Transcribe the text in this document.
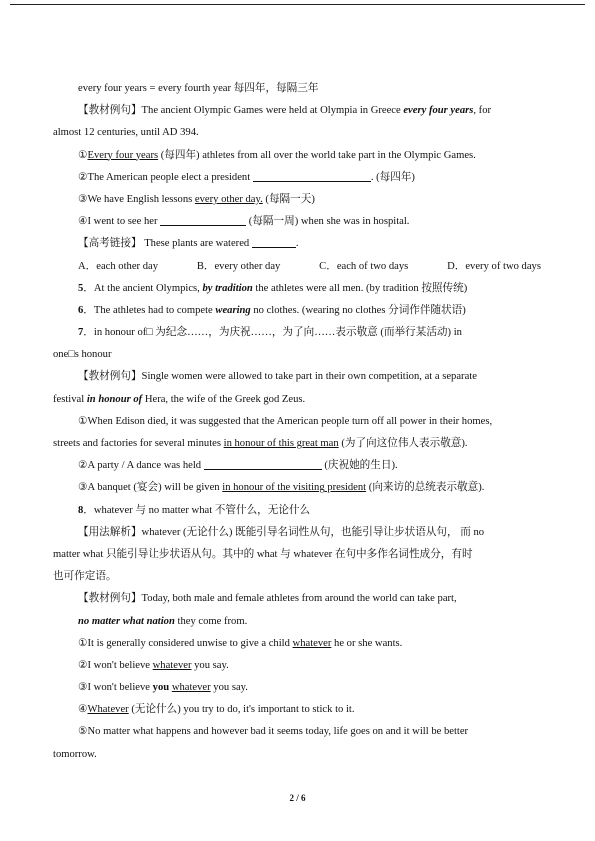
every four years = every fourth year 每四年，每隔三年
【教材例句】The ancient Olympic Games were held at Olympia in Greece every four years, for
almost 12 centuries, until AD 394.
①Every four years (每四年) athletes from all over the world take part in the Olympic Games.
②The American people elect a president	. (每四年)
③We have English lessons every other day. (每隔一天)
④I went to see her	(每隔一周) when she was in hospital.
【高考链接】 These plants are watered	.
A．each other day	B．every other day	C．each of two days	D．every of two days
5．At the ancient Olympics, by tradition the athletes were all men. (by tradition 按照传统)
6．The athletes had to compete wearing no clothes. (wearing no clothes 分词作伴随状语)
7．in honour of□ 为纪念……，为庆祝……，为了向……表示敬意 (而举行某活动) in
one□s honour
【教材例句】Single women were allowed to take part in their own competition, at a separate
festival in honour of Hera, the wife of the Greek god Zeus.
①When Edison died, it was suggested that the American people turn off all power in their homes,
streets and factories for several minutes in honour of this great man (为了向这位伟人表示敬意).
②A party / A dance was held	(庆祝她的生日).
③A banquet (宴会) will be given in honour of the visiting president (向来访的总统表示敬意).
8．whatever 与 no matter what 不管什么，无论什么
【用法解析】whatever (无论什么) 既能引导名词性从句，也能引导让步状语从句， 而 no
matter what 只能引导让步状语从句。其中的 what 与 whatever 在句中多作名词性成分，有时
也可作定语。
【教材例句】Today, both male and female athletes from around the world can take part,
no matter what nation they come from.
①It is generally considered unwise to give a child whatever he or she wants.
②I won't believe whatever you say.
③I won't believe you whatever you say.
④Whatever (无论什么) you try to do, it's important to stick to it.
⑤No matter what happens and however bad it seems today, life goes on and it will be better
tomorrow.
2 / 6
